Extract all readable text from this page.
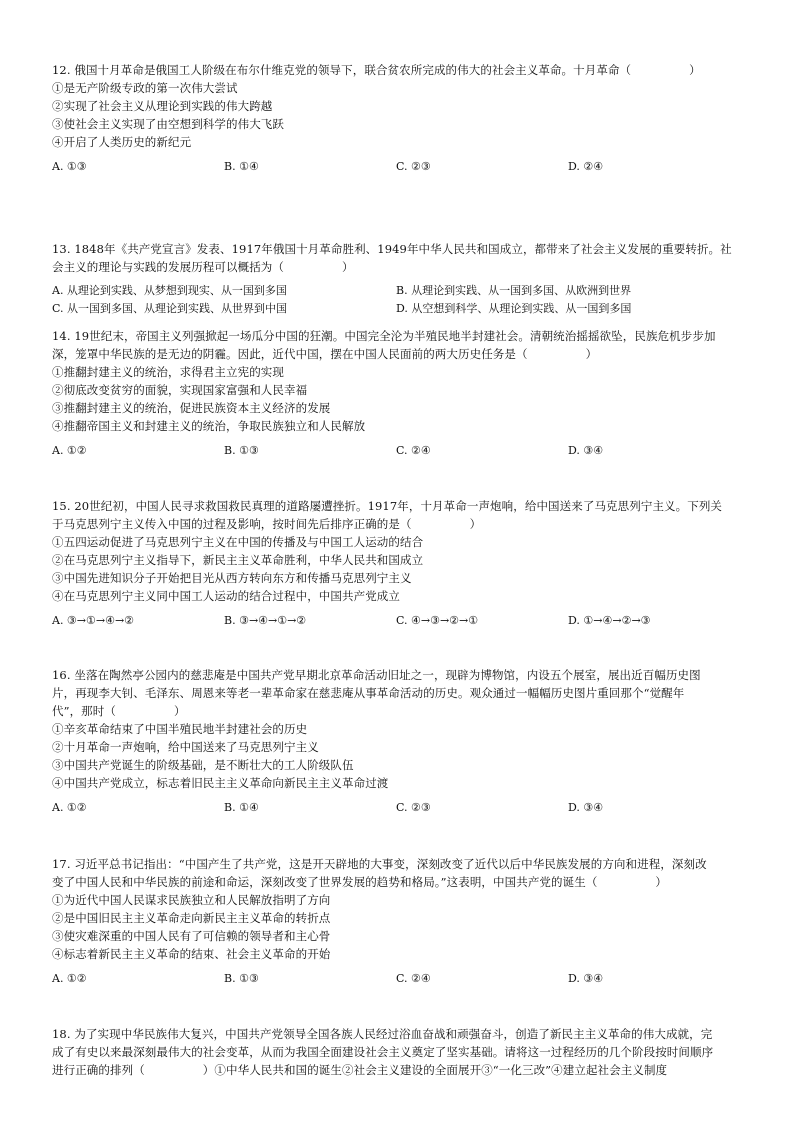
12. 俄国十月革命是俄国工人阶级在布尔什维克党的领导下，联合贫农所完成的伟大的社会主义革命。十月革命（　　　　　）
①是无产阶级专政的第一次伟大尝试
②实现了社会主义从理论到实践的伟大跨越
③使社会主义实现了由空想到科学的伟大飞跃
④开启了人类历史的新纪元
A. ①③	B. ①④	C. ②③	D. ②④
13. 1848年《共产党宣言》发表、1917年俄国十月革命胜利、1949年中华人民共和国成立，都带来了社会主义发展的重要转折。社
会主义的理论与实践的发展历程可以概括为（　　　　　）
A. 从理论到实践、从梦想到现实、从一国到多国	B. 从理论到实践、从一国到多国、从欧洲到世界
C. 从一国到多国、从理论到实践、从世界到中国	D. 从空想到科学、从理论到实践、从一国到多国
14. 19世纪末，帝国主义列强掀起一场瓜分中国的狂潮。中国完全沦为半殖民地半封建社会。清朝统治摇摇欲坠，民族危机步步加
深，笼罩中华民族的是无边的阴霾。因此，近代中国，摆在中国人民面前的两大历史任务是（　　　　　）
①推翻封建主义的统治，求得君主立宪的实现
②彻底改变贫穷的面貌，实现国家富强和人民幸福
③推翻封建主义的统治，促进民族资本主义经济的发展
④推翻帝国主义和封建主义的统治，争取民族独立和人民解放
A. ①②	B. ①③	C. ②④	D. ③④
15. 20世纪初，中国人民寻求救国救民真理的道路屡遭挫折。1917年，十月革命一声炮响，给中国送来了马克思列宁主义。下列关
于马克思列宁主义传入中国的过程及影响，按时间先后排序正确的是（　　　　　）
①五四运动促进了马克思列宁主义在中国的传播及与中国工人运动的结合
②在马克思列宁主义指导下，新民主主义革命胜利，中华人民共和国成立
③中国先进知识分子开始把目光从西方转向东方和传播马克思列宁主义
④在马克思列宁主义同中国工人运动的结合过程中，中国共产党成立
A. ③→①→④→②	B. ③→④→①→②	C. ④→③→②→①	D. ①→④→②→③
16. 坐落在陶然亭公园内的慈悲庵是中国共产党早期北京革命活动旧址之一，现辟为博物馆，内设五个展室，展出近百幅历史图
片，再现李大钊、毛泽东、周恩来等老一辈革命家在慈悲庵从事革命活动的历史。观众通过一幅幅历史图片重回那个“觉醒年
代”，那时（　　　　　）
①辛亥革命结束了中国半殖民地半封建社会的历史
②十月革命一声炮响，给中国送来了马克思列宁主义
③中国共产党诞生的阶级基础，是不断壮大的工人阶级队伍
④中国共产党成立，标志着旧民主主义革命向新民主主义革命过渡
A. ①②	B. ①④	C. ②③	D. ③④
17. 习近平总书记指出：“中国产生了共产党，这是开天辟地的大事变，深刻改变了近代以后中华民族发展的方向和进程，深刻改
变了中国人民和中华民族的前途和命运，深刻改变了世界发展的趋势和格局。”这表明，中国共产党的诞生（　　　　　）
①为近代中国人民谋求民族独立和人民解放指明了方向
②是中国旧民主主义革命走向新民主主义革命的转折点
③使灾难深重的中国人民有了可信赖的领导者和主心骨
④标志着新民主主义革命的结束、社会主义革命的开始
A. ①②	B. ①③	C. ②④	D. ③④
18. 为了实现中华民族伟大复兴，中国共产党领导全国各族人民经过浴血奋战和顽强奋斗，创造了新民主主义革命的伟大成就，完
成了有史以来最深刻最伟大的社会变革，从而为我国全面建设社会主义奠定了坚实基础。请将这一过程经历的几个阶段按时间顺序
进行正确的排列（　　　　　）①中华人民共和国的诞生②社会主义建设的全面展开③“一化三改”④建立起社会主义制度
